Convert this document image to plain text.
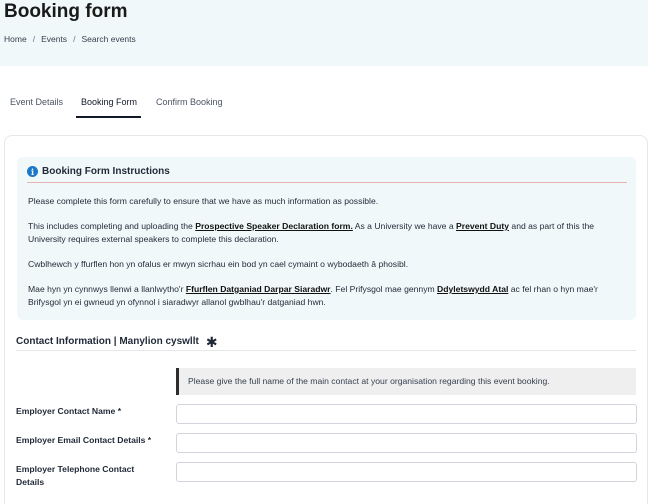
Booking form
Home / Events / Search events
Event Details	Booking Form	Confirm Booking
i Booking Form Instructions

Please complete this form carefully to ensure that we have as much information as possible.

This includes completing and uploading the Prospective Speaker Declaration form. As a University we have a Prevent Duty and as part of this the University requires external speakers to complete this declaration.

Cwblhewch y ffurflen hon yn ofalus er mwyn sicrhau ein bod yn cael cymaint o wybodaeth â phosibl.

Mae hyn yn cynnwys llenwi a llanlwytho'r Ffurflen Datganiad Darpar Siaradwr. Fel Prifysgol mae gennym Ddyletswydd Atal ac fel rhan o hyn mae'r Brifysgol yn ei gwneud yn ofynnol i siaradwyr allanol gwblhau'r datganiad hwn.

Contact Information | Manylion cyswllt ✱
Please give the full name of the main contact at your organisation regarding this event booking.
Employer Contact Name *
Employer Email Contact Details *
Employer Telephone Contact Details
